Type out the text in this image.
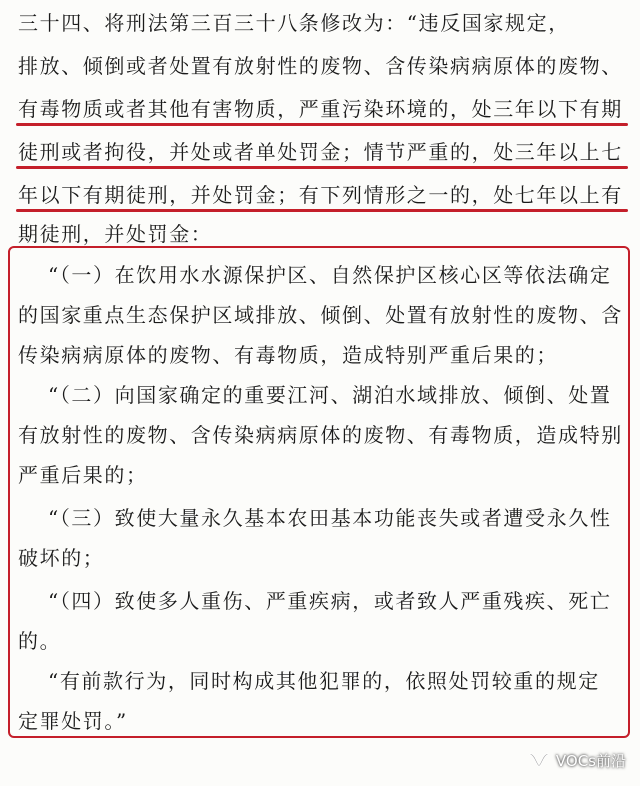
三十四、将刑法第三百三十八条修改为：“违反国家规定，
排放、倾倒或者处置有放射性的废物、含传染病病原体的废物、
有毒物质或者其他有害物质，严重污染环境的，处三年以下有期
徒刑或者拘役，并处或者单处罚金；情节严重的，处三年以上七
年以下有期徒刑，并处罚金；有下列情形之一的，处七年以上有
期徒刑，并处罚金：
“（一）在饮用水水源保护区、自然保护区核心区等依法确定
的国家重点生态保护区域排放、倾倒、处置有放射性的废物、含
传染病病原体的废物、有毒物质，造成特别严重后果的；
“（二）向国家确定的重要江河、湖泊水域排放、倾倒、处置
有放射性的废物、含传染病病原体的废物、有毒物质，造成特别
严重后果的；
“（三）致使大量永久基本农田基本功能丧失或者遭受永久性
破坏的；
“（四）致使多人重伤、严重疾病，或者致人严重残疾、死亡
的。
“有前款行为，同时构成其他犯罪的，依照处罚较重的规定
定罪处罚。”
VOCs前沿
